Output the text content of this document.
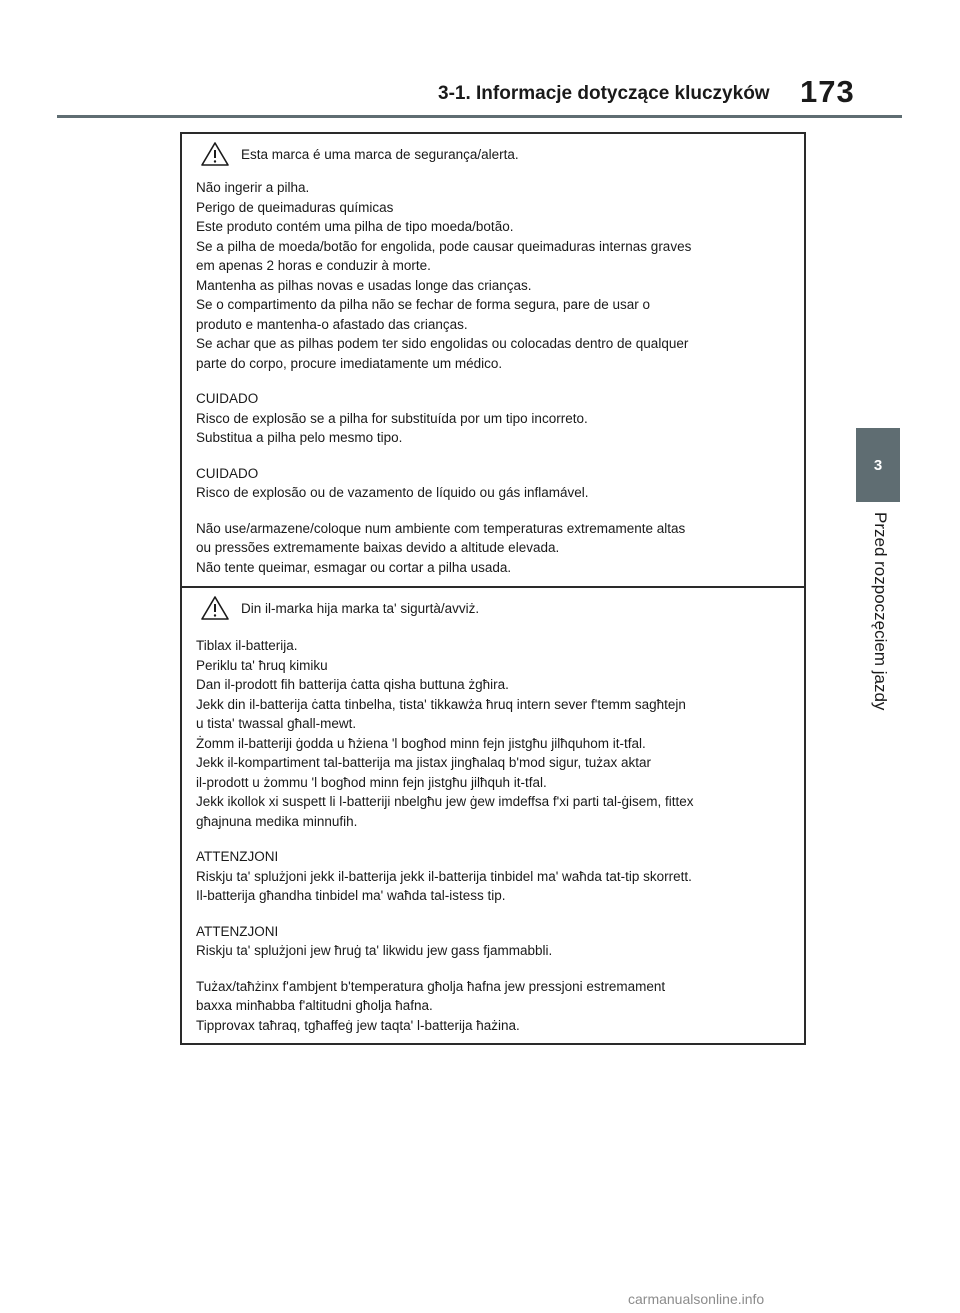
3-1. Informacje dotyczące kluczyków 173
3
Przed rozpoczęciem jazdy
Esta marca é uma marca de segurança/alerta.

Não ingerir a pilha.
Perigo de queimaduras químicas
Este produto contém uma pilha de tipo moeda/botão.
Se a pilha de moeda/botão for engolida, pode causar queimaduras internas graves
em apenas 2 horas e conduzir à morte.
Mantenha as pilhas novas e usadas longe das crianças.
Se o compartimento da pilha não se fechar de forma segura, pare de usar o
produto e mantenha-o afastado das crianças.
Se achar que as pilhas podem ter sido engolidas ou colocadas dentro de qualquer
parte do corpo, procure imediatamente um médico.

CUIDADO
Risco de explosão se a pilha for substituída por um tipo incorreto.
Substitua a pilha pelo mesmo tipo.

CUIDADO
Risco de explosão ou de vazamento de líquido ou gás inflamável.

Não use/armazene/coloque num ambiente com temperaturas extremamente altas
ou pressões extremamente baixas devido a altitude elevada.
Não tente queimar, esmagar ou cortar a pilha usada.

Din il-marka hija marka ta' sigurtà/avviż.

Tiblax il-batterija.
Periklu ta' ħruq kimiku
Dan il-prodott fih batterija ċatta qisha buttuna żgħira.
Jekk din il-batterija ċatta tinbelha, tista' tikkawża ħruq intern sever f'temm sagħtejn
u tista' twassal għall-mewt.
Żomm il-batteriji ġodda u ħżiena 'l bogħod minn fejn jistgħu jilħquhom it-tfal.
Jekk il-kompartiment tal-batterija ma jistax jingħalaq b'mod sigur, tużax aktar
il-prodott u żommu 'l bogħod minn fejn jistgħu jilħquh it-tfal.
Jekk ikollok xi suspett li l-batteriji nbelgħu jew ġew imdeffsa f'xi parti tal-ġisem, fittex
għajnuna medika minnufih.

ATTENZJONI
Riskju ta' splużjoni jekk il-batterija jekk il-batterija tinbidel ma' waħda tat-tip skorrett.
Il-batterija għandha tinbidel ma' waħda tal-istess tip.

ATTENZJONI
Riskju ta' splużjoni jew ħruġ ta' likwidu jew gass fjammabbli.

Tużax/taħżinx f'ambjent b'temperatura għolja ħafna jew pressjoni estremament
baxxa minħabba f'altitudni għolja ħafna.
Tipprovax taħraq, tgħaffeġ jew taqta' l-batterija ħażina.

carmanualsonline.info
